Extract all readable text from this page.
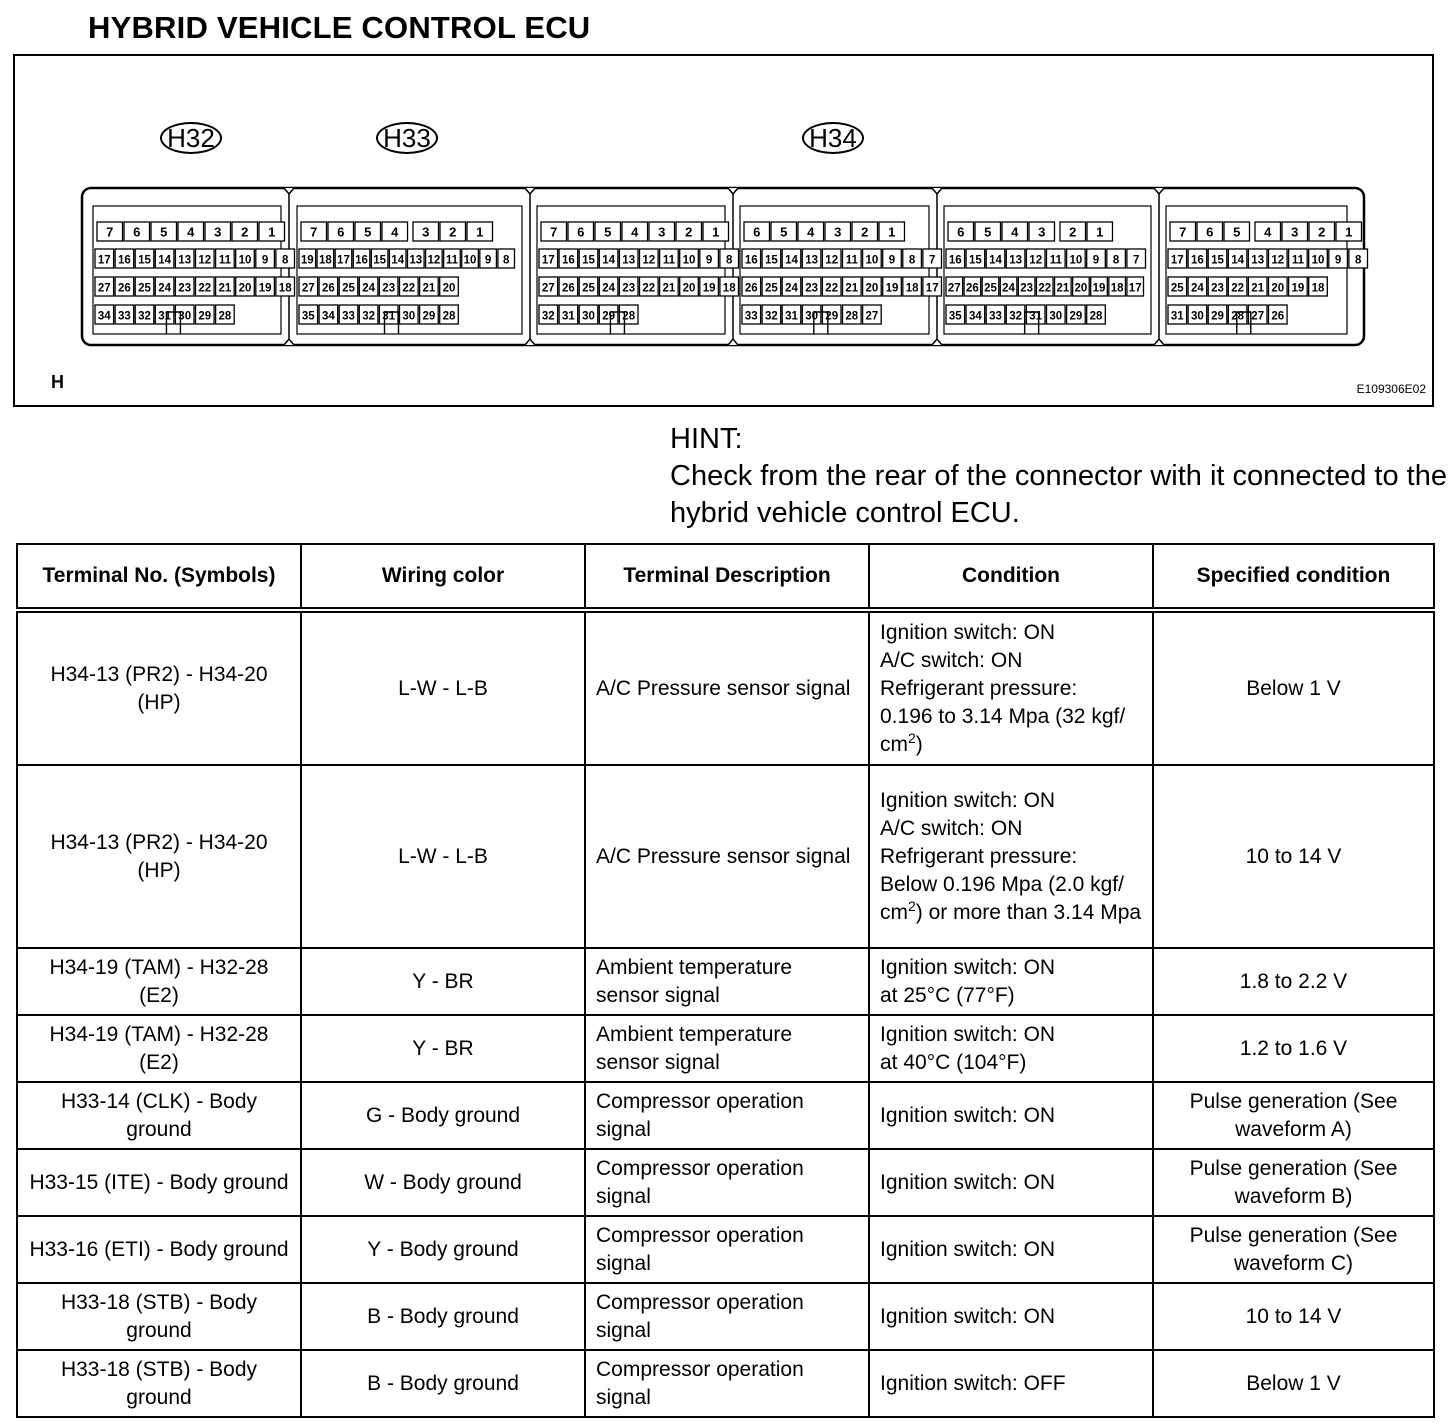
HYBRID VEHICLE CONTROL ECU
7 6 5 4 3 2 1
17 16 15 14 13 12 11 10 9 8
27 26 25 24 23 22 21 20 19 18
34 33 32 31 30 29 28
7 6 5 4 3 2 1
19 18 17 16 15 14 13 12 11 10 9 8
27 26 25 24 23 22 21 20
35 34 33 32 31 30 29 28
7 6 5 4 3 2 1
17 16 15 14 13 12 11 10 9 8
27 26 25 24 23 22 21 20 19 18
32 31 30 29 28
6 5 4 3 2 1
16 15 14 13 12 11 10 9 8 7
26 25 24 23 22 21 20 19 18 17
33 32 31 30 29 28 27
6 5 4 3 2 1
16 15 14 13 12 11 10 9 8 7
27 26 25 24 23 22 21 20 19 18 17
35 34 33 32 31 30 29 28
7 6 5 4 3 2 1
17 16 15 14 13 12 11 10 9 8
25 24 23 22 21 20 19 18
31 30 29 28 27 26
H32	H33	H34
H	E109306E02
HINT:
Check from the rear of the connector with it connected to the hybrid vehicle control ECU.
Terminal No. (Symbols)	Wiring color	Terminal Description	Condition	Specified condition
H34-13 (PR2) - H34-20 (HP)	L-W - L-B	A/C Pressure sensor signal	Ignition switch: ON
A/C switch: ON
Refrigerant pressure:
0.196 to 3.14 Mpa (32 kgf/ $cm^2$)	Below 1 V
H34-13 (PR2) - H34-20 (HP)	L-W - L-B	A/C Pressure sensor signal	Ignition switch: ON
A/C switch: ON
Refrigerant pressure:
Below 0.196 Mpa (2.0 kgf/ $cm^2$) or more than 3.14 Mpa	10 to 14 V
H34-19 (TAM) - H32-28 (E2)	Y - BR	Ambient temperature sensor signal	Ignition switch: ON
at 25°C (77°F)	1.8 to 2.2 V
H34-19 (TAM) - H32-28 (E2)	Y - BR	Ambient temperature sensor signal	Ignition switch: ON
at 40°C (104°F)	1.2 to 1.6 V
H33-14 (CLK) - Body ground	G - Body ground	Compressor operation signal	Ignition switch: ON	Pulse generation (See waveform A)
H33-15 (ITE) - Body ground	W - Body ground	Compressor operation signal	Ignition switch: ON	Pulse generation (See waveform B)
H33-16 (ETI) - Body ground	Y - Body ground	Compressor operation signal	Ignition switch: ON	Pulse generation (See waveform C)
H33-18 (STB) - Body ground	B - Body ground	Compressor operation signal	Ignition switch: ON	10 to 14 V
H33-18 (STB) - Body ground	B - Body ground	Compressor operation signal	Ignition switch: OFF	Below 1 V
